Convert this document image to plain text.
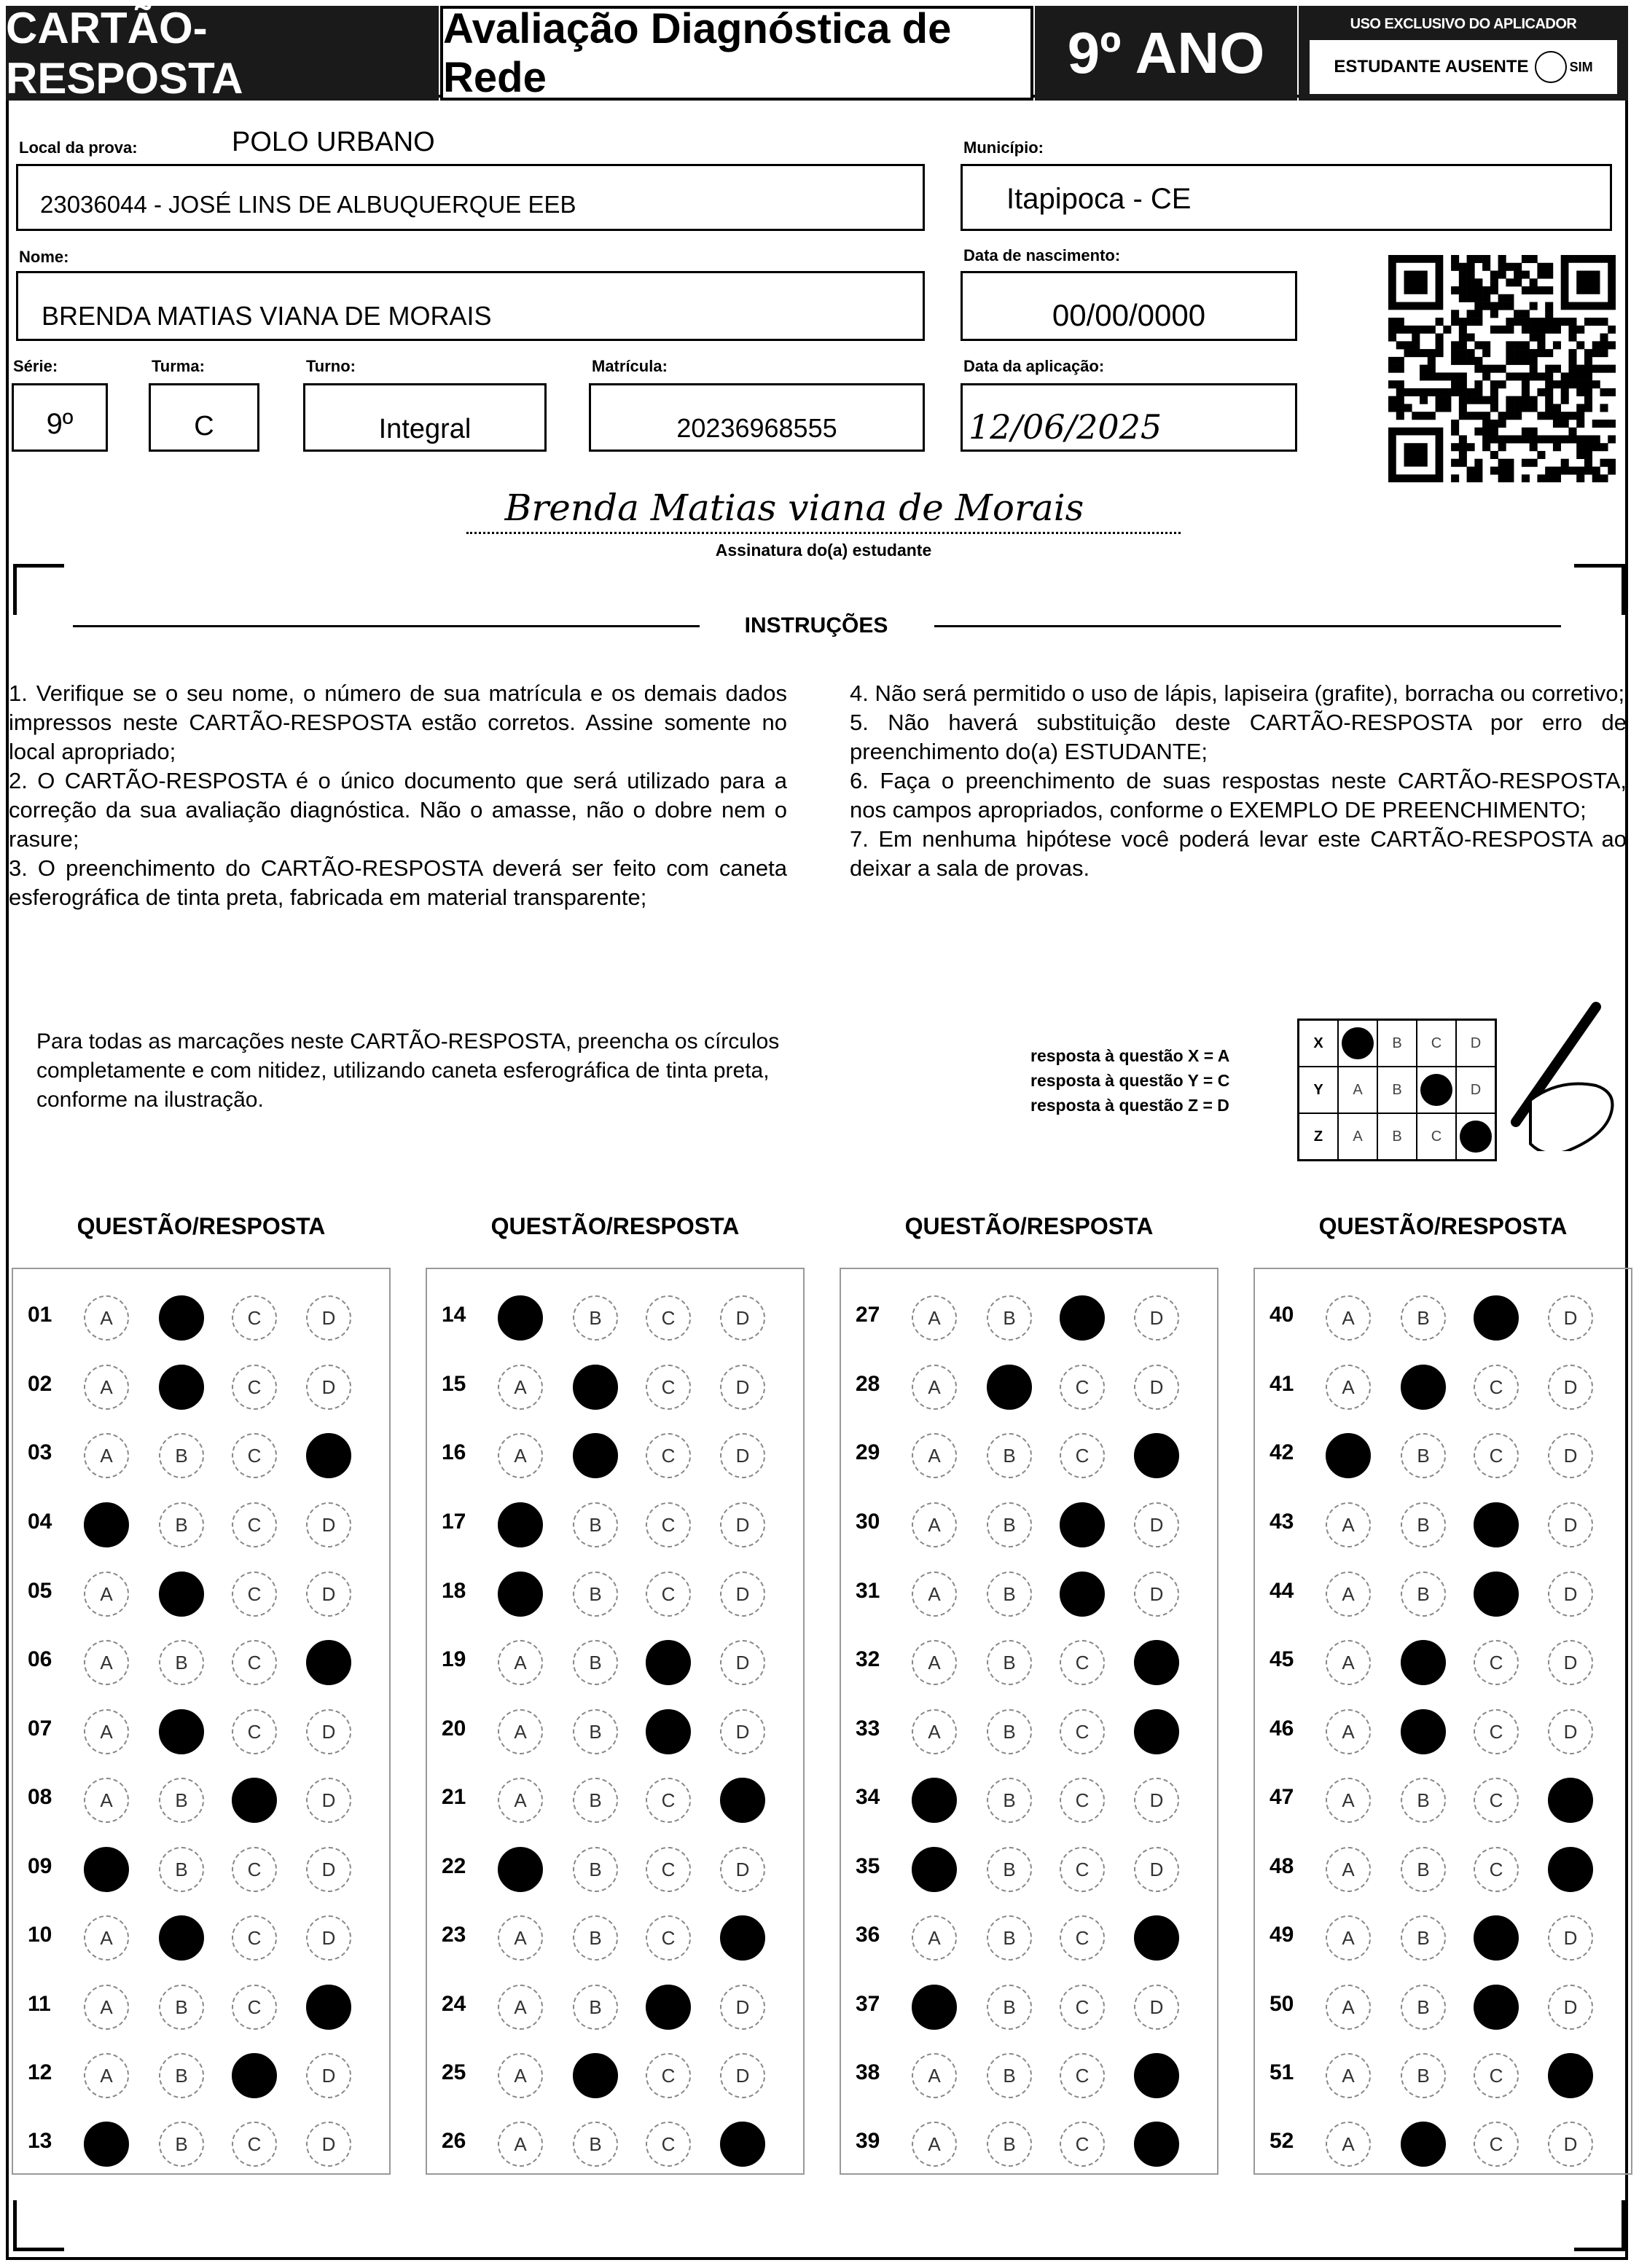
CARTÃO-RESPOSTA
Avaliação Diagnóstica de Rede	9º ANO	USO EXCLUSIVO DO APLICADOR
ESTUDANTE AUSENTE	SIM
Local da prova:	POLO URBANO
23036044 - JOSÉ LINS DE ALBUQUERQUE EEB
Município:
Itapipoca - CE
Nome:
BRENDA MATIAS VIANA DE MORAIS
Data de nascimento:
00/00/0000
Série:
9º
Turma:
C
Turno:
Integral
Matrícula:
20236968555
Data da aplicação:
12/06/2025
Brenda Matias viana de Morais
Assinatura do(a) estudante
INSTRUÇÕES

1. Verifique se o seu nome, o número de sua matrícula e os demais dados impressos neste CARTÃO-RESPOSTA estão corretos. Assine somente no local apropriado;

2. O CARTÃO-RESPOSTA é o único documento que será utilizado para a correção da sua avaliação diagnóstica. Não o amasse, não o dobre nem o rasure;

3. O preenchimento do CARTÃO-RESPOSTA deverá ser feito com caneta esferográfica de tinta preta, fabricada em material transparente;

4. Não será permitido o uso de lápis, lapiseira (grafite), borracha ou corretivo;

5. Não haverá substituição deste CARTÃO-RESPOSTA por erro de preenchimento do(a) ESTUDANTE;

6. Faça o preenchimento de suas respostas neste CARTÃO-RESPOSTA, nos campos apropriados, conforme o EXEMPLO DE PREENCHIMENTO;

7. Em nenhuma hipótese você poderá levar este CARTÃO-RESPOSTA ao deixar a sala de provas.

Para todas as marcações neste CARTÃO-RESPOSTA, preencha os círculos completamente e com nitidez, utilizando caneta esferográfica de tinta preta, conforme na ilustração.
resposta à questão X = A
resposta à questão Y = C
resposta à questão Z = D
X	B	C	D
Y	A	B	D
Z	A	B	C
QUESTÃO/RESPOSTA
01	A	C	D
02	A	C	D
03	A	B	C
04	B	C	D
05	A	C	D
06	A	B	C
07	A	C	D
08	A	B	D
09	B	C	D
10	A	C	D
11	A	B	C
12	A	B	D
13	B	C	D
QUESTÃO/RESPOSTA
14	B	C	D
15	A	C	D
16	A	C	D
17	B	C	D
18	B	C	D
19	A	B	D
20	A	B	D
21	A	B	C
22	B	C	D
23	A	B	C
24	A	B	D
25	A	C	D
26	A	B	C
QUESTÃO/RESPOSTA
27	A	B	D
28	A	C	D
29	A	B	C
30	A	B	D
31	A	B	D
32	A	B	C
33	A	B	C
34	B	C	D
35	B	C	D
36	A	B	C
37	B	C	D
38	A	B	C
39	A	B	C
QUESTÃO/RESPOSTA
40	A	B	D
41	A	C	D
42	B	C	D
43	A	B	D
44	A	B	D
45	A	C	D
46	A	C	D
47	A	B	C
48	A	B	C
49	A	B	D
50	A	B	D
51	A	B	C
52	A	C	D
